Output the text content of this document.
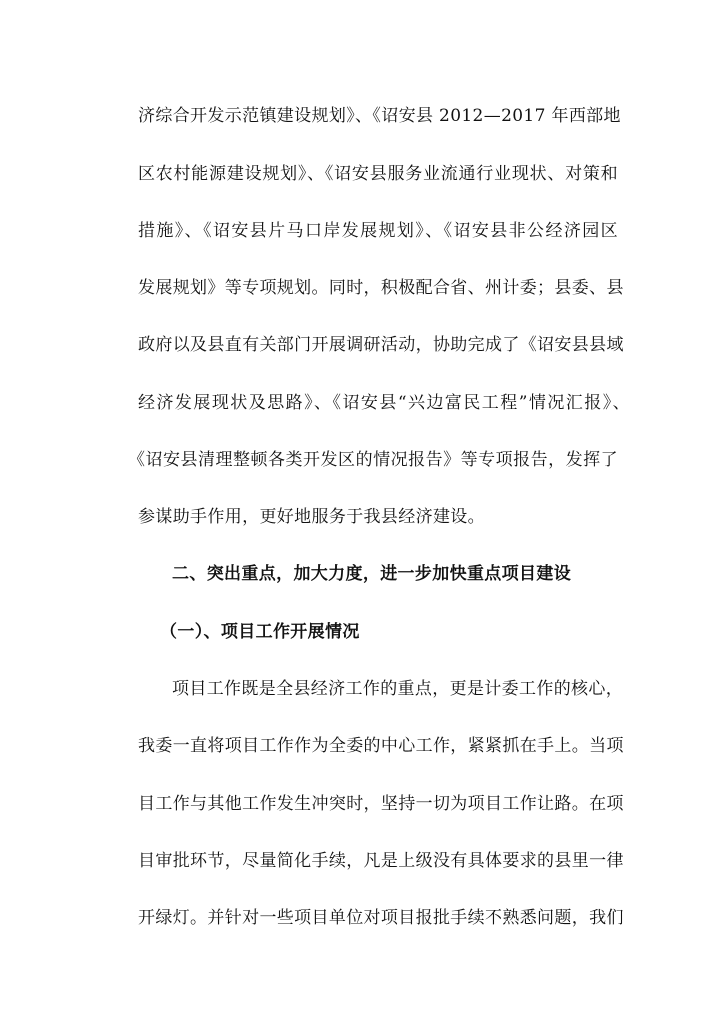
济综合开发示范镇建设规划》、《诏安县 2012—2017 年西部地
区农村能源建设规划》、《诏安县服务业流通行业现状、对策和
措施》、《诏安县片马口岸发展规划》、《诏安县非公经济园区
发展规划》等专项规划。同时，积极配合省、州计委；县委、县
政府以及县直有关部门开展调研活动，协助完成了《诏安县县域
经济发展现状及思路》、《诏安县“兴边富民工程”情况汇报》、
《诏安县清理整顿各类开发区的情况报告》等专项报告，发挥了
参谋助手作用，更好地服务于我县经济建设。
二、突出重点，加大力度，进一步加快重点项目建设
（一）、项目工作开展情况
项目工作既是全县经济工作的重点，更是计委工作的核心，
我委一直将项目工作作为全委的中心工作，紧紧抓在手上。当项
目工作与其他工作发生冲突时，坚持一切为项目工作让路。在项
目审批环节，尽量简化手续，凡是上级没有具体要求的县里一律
开绿灯。并针对一些项目单位对项目报批手续不熟悉问题，我们
